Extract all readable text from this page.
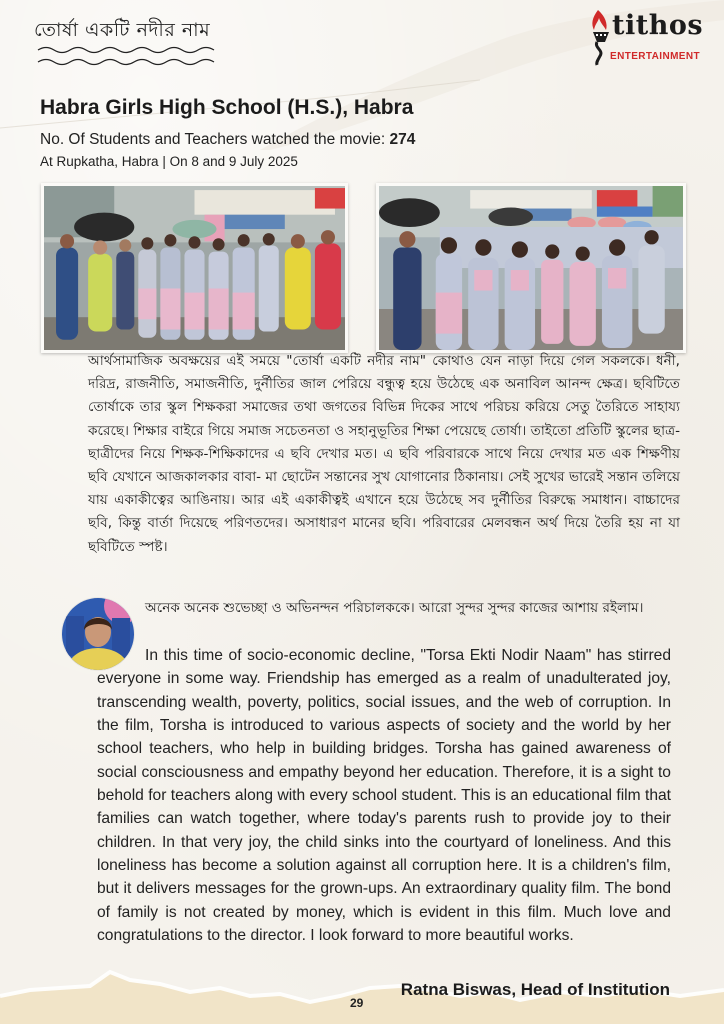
তোর্ষা একটি নদীর নাম	tithos
ENTERTAINMENT
Habra Girls High School (H.S.), Habra
No. Of Students and Teachers watched the movie: 274
At Rupkatha, Habra | On 8 and 9 July 2025
আর্থসামাজিক অবক্ষয়ের এই সময়ে "তোর্ষা একটি নদীর নাম" কোথাও যেন নাড়া দিয়ে গেল সকলকে। ধনী, দরিদ্র, রাজনীতি, সমাজনীতি, দুর্নীতির জাল পেরিয়ে বন্ধুত্ব হয়ে উঠেছে এক অনাবিল আনন্দ ক্ষেত্র। ছবিটিতে তোর্ষাকে তার স্কুল শিক্ষকরা সমাজের তথা জগতের বিভিন্ন দিকের সাথে পরিচয় করিয়ে সেতু তৈরিতে সাহায্য করেছে। শিক্ষার বাইরে গিয়ে সমাজ সচেতনতা ও সহানুভূতির শিক্ষা পেয়েছে তোর্ষা। তাইতো প্রতিটি স্কুলের ছাত্র-ছাত্রীদের নিয়ে শিক্ষক-শিক্ষিকাদের এ ছবি দেখার মত। এ ছবি পরিবারকে সাথে নিয়ে দেখার মত এক শিক্ষণীয় ছবি যেখানে আজকালকার বাবা- মা ছোটেন সন্তানের সুখ যোগানোর ঠিকানায়। সেই সুখের ভারেই সন্তান তলিয়ে যায় একাকীত্বের আঙিনায়। আর এই একাকীত্বই এখানে হয়ে উঠেছে সব দুর্নীতির বিরুদ্ধে সমাধান। বাচ্চাদের ছবি, কিন্তু বার্তা দিয়েছে পরিণতদের। অসাধারণ মানের ছবি। পরিবারের মেলবন্ধন অর্থ দিয়ে তৈরি হয় না যা ছবিটিতে স্পষ্ট।
অনেক অনেক শুভেচ্ছা ও অভিনন্দন পরিচালককে। আরো সুন্দর সুন্দর কাজের আশায় রইলাম।
In this time of socio-economic decline, "Torsa Ekti Nodir Naam" has stirred everyone in some way. Friendship has emerged as a realm of unadulterated joy, transcending wealth, poverty, politics, social issues, and the web of corruption. In the film, Torsha is introduced to various aspects of society and the world by her school teachers, who help in building bridges. Torsha has gained awareness of social consciousness and empathy beyond her education. Therefore, it is a sight to behold for teachers along with every school student. This is an educational film that families can watch together, where today's parents rush to provide joy to their children. In that very joy, the child sinks into the courtyard of loneliness. And this loneliness has become a solution against all corruption here. It is a children's film, but it delivers messages for the grown-ups. An extraordinary quality film. The bond of family is not created by money, which is evident in this film. Much love and congratulations to the director. I look forward to more beautiful works.
29
Ratna Biswas, Head of Institution
